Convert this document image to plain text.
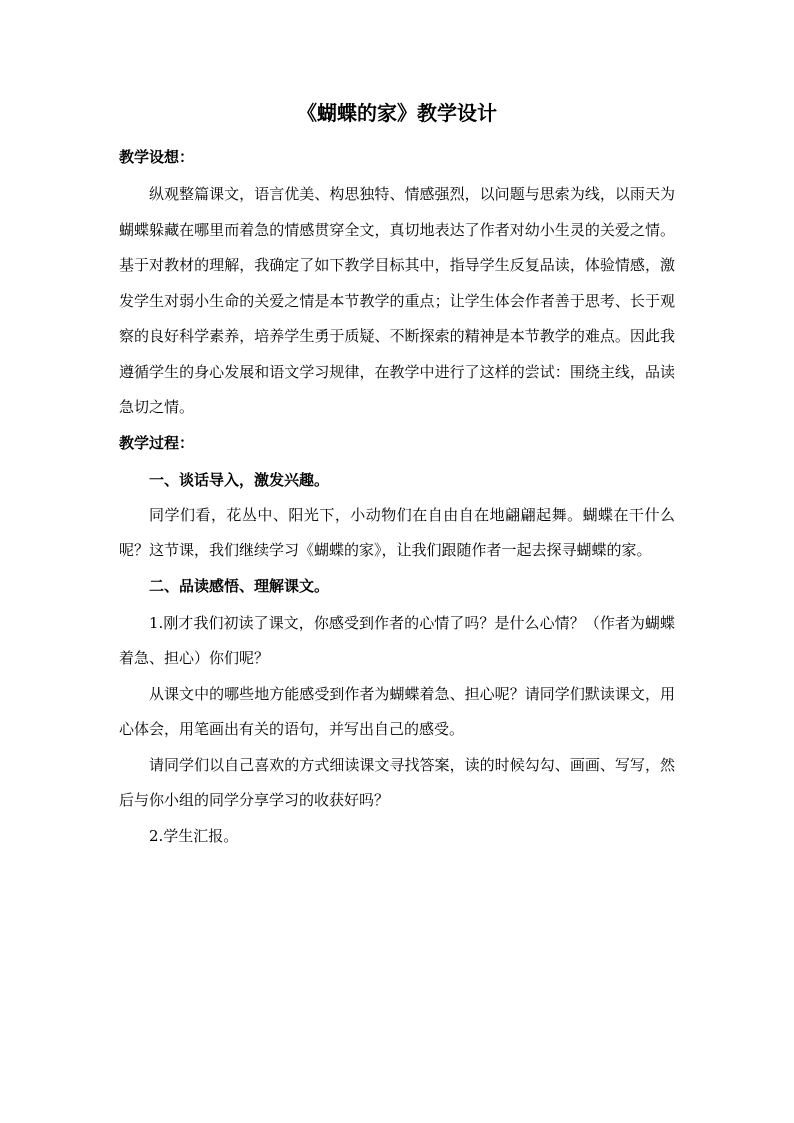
《蝴蝶的家》教学设计

教学设想：

纵观整篇课文，语言优美、构思独特、情感强烈，以问题与思索为线，以雨天为蝴蝶躲藏在哪里而着急的情感贯穿全文，真切地表达了作者对幼小生灵的关爱之情。 基于对教材的理解，我确定了如下教学目标其中，指导学生反复品读，体验情感，激发学生对弱小生命的关爱之情是本节教学的重点；让学生体会作者善于思考、长于观察的良好科学素养，培养学生勇于质疑、不断探索的精神是本节教学的难点。因此我遵循学生的身心发展和语文学习规律，在教学中进行了这样的尝试：围绕主线，品读急切之情。

教学过程：

一、谈话导入，激发兴趣。

同学们看，花丛中、阳光下，小动物们在自由自在地翩翩起舞。蝴蝶在干什么呢？这节课，我们继续学习《蝴蝶的家》，让我们跟随作者一起去探寻蝴蝶的家。

二、品读感悟、理解课文。

1.刚才我们初读了课文，你感受到作者的心情了吗？是什么心情？（作者为蝴蝶着急、担心）你们呢？

从课文中的哪些地方能感受到作者为蝴蝶着急、担心呢？请同学们默读课文，用心体会，用笔画出有关的语句，并写出自己的感受。

请同学们以自己喜欢的方式细读课文寻找答案，读的时候勾勾、画画、写写，然后与你小组的同学分享学习的收获好吗？

2.学生汇报。
